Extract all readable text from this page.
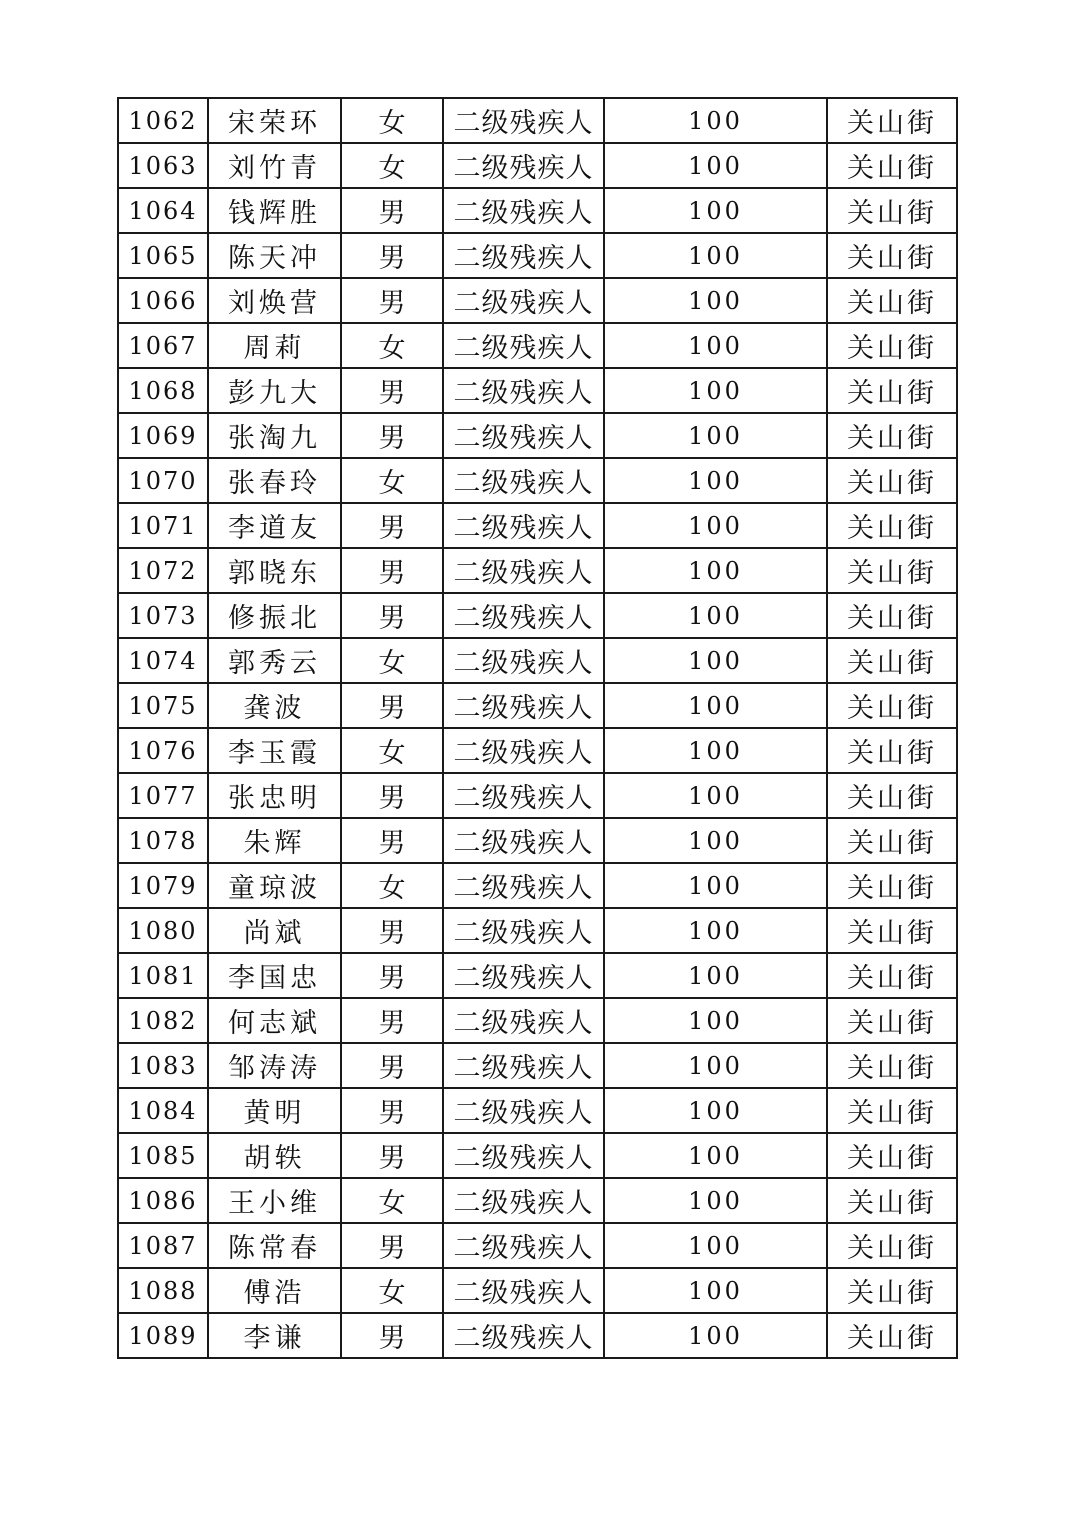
1062	宋荣环	女	二级残疾人	100	关山街
1063	刘竹青	女	二级残疾人	100	关山街
1064	钱辉胜	男	二级残疾人	100	关山街
1065	陈天冲	男	二级残疾人	100	关山街
1066	刘焕营	男	二级残疾人	100	关山街
1067	周莉	女	二级残疾人	100	关山街
1068	彭九大	男	二级残疾人	100	关山街
1069	张淘九	男	二级残疾人	100	关山街
1070	张春玲	女	二级残疾人	100	关山街
1071	李道友	男	二级残疾人	100	关山街
1072	郭晓东	男	二级残疾人	100	关山街
1073	修振北	男	二级残疾人	100	关山街
1074	郭秀云	女	二级残疾人	100	关山街
1075	龚波	男	二级残疾人	100	关山街
1076	李玉霞	女	二级残疾人	100	关山街
1077	张忠明	男	二级残疾人	100	关山街
1078	朱辉	男	二级残疾人	100	关山街
1079	童琼波	女	二级残疾人	100	关山街
1080	尚斌	男	二级残疾人	100	关山街
1081	李国忠	男	二级残疾人	100	关山街
1082	何志斌	男	二级残疾人	100	关山街
1083	邹涛涛	男	二级残疾人	100	关山街
1084	黄明	男	二级残疾人	100	关山街
1085	胡轶	男	二级残疾人	100	关山街
1086	王小维	女	二级残疾人	100	关山街
1087	陈常春	男	二级残疾人	100	关山街
1088	傅浩	女	二级残疾人	100	关山街
1089	李谦	男	二级残疾人	100	关山街
